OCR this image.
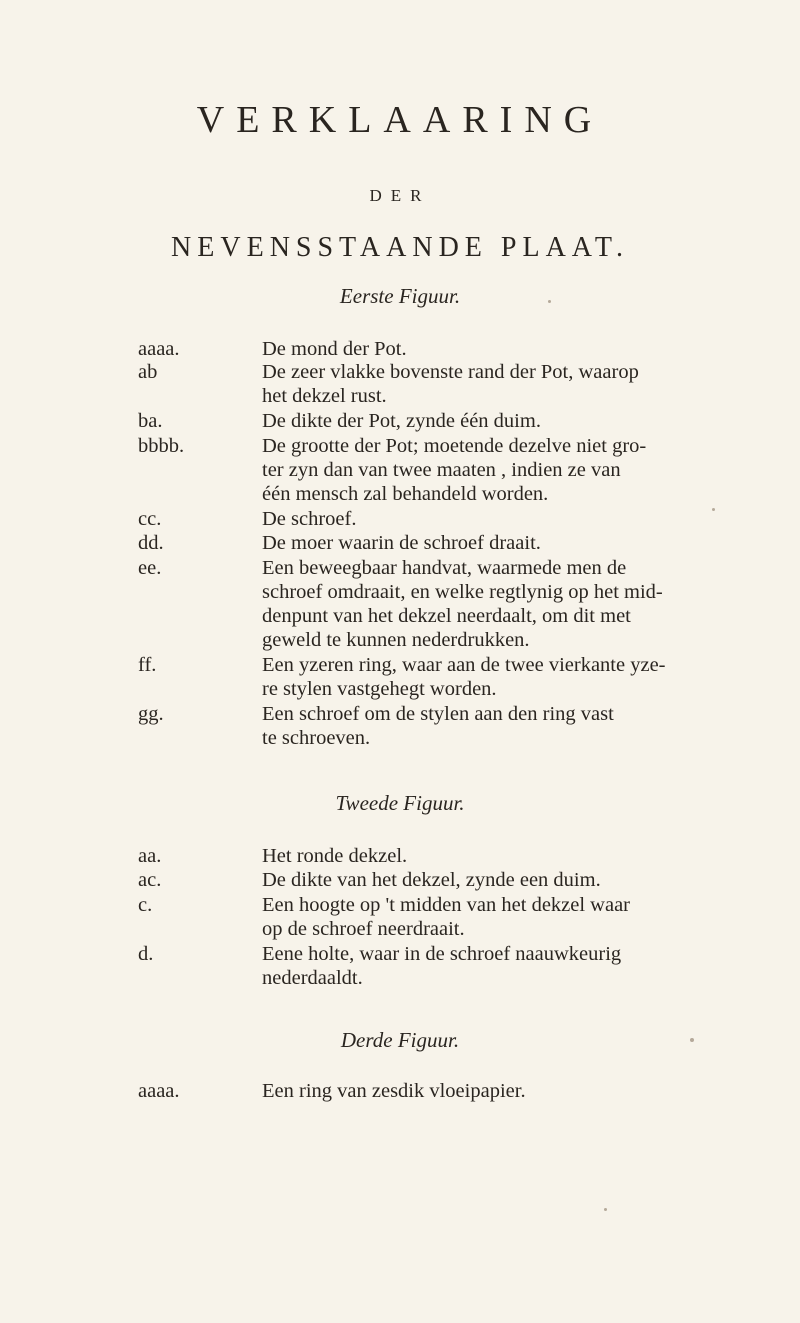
VERKLAARING
DER
NEVENSSTAANDE PLAAT.
Eerste Figuur.
aaaa.	De mond der Pot.
ab	De zeer vlakke bovenste rand der Pot, waarop
het dekzel rust.
ba.	De dikte der Pot, zynde één duim.
bbbb.	De grootte der Pot; moetende dezelve niet gro-
ter zyn dan van twee maaten , indien ze van
één mensch zal behandeld worden.
cc.	De schroef.
dd.	De moer waarin de schroef draait.
ee.	Een beweegbaar handvat, waarmede men de
schroef omdraait, en welke regtlynig op het mid-
denpunt van het dekzel neerdaalt, om dit met
geweld te kunnen nederdrukken.
ff.	Een yzeren ring, waar aan de twee vierkante yze-
re stylen vastgehegt worden.
gg.	Een schroef om de stylen aan den ring vast
te schroeven.
Tweede Figuur.
aa.	Het ronde dekzel.
ac.	De dikte van het dekzel, zynde een duim.
c.	Een hoogte op 't midden van het dekzel waar
op de schroef neerdraait.
d.	Eene holte, waar in de schroef naauwkeurig
nederdaaldt.
Derde Figuur.
aaaa.	Een ring van zesdik vloeipapier.
